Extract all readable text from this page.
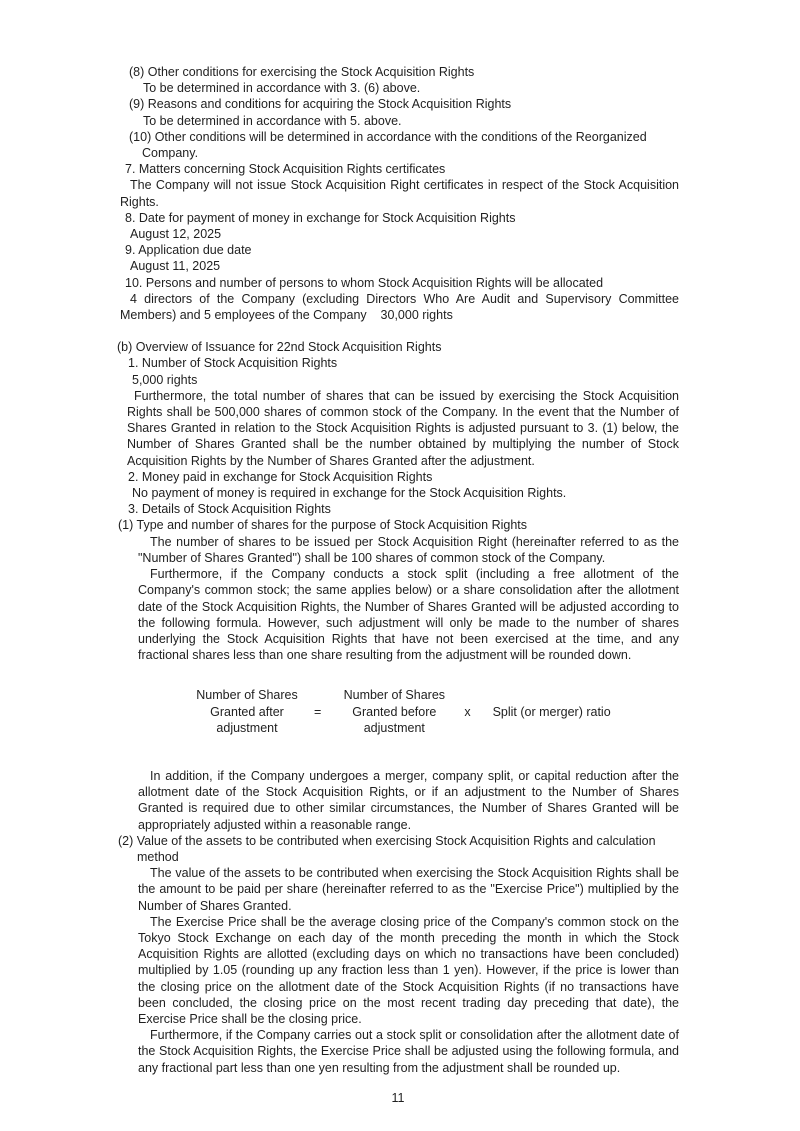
(8) Other conditions for exercising the Stock Acquisition Rights

To be determined in accordance with 3. (6) above.

(9) Reasons and conditions for acquiring the Stock Acquisition Rights

To be determined in accordance with 5. above.

(10) Other conditions will be determined in accordance with the conditions of the Reorganized Company.

7. Matters concerning Stock Acquisition Rights certificates

The Company will not issue Stock Acquisition Right certificates in respect of the Stock Acquisition Rights.

8. Date for payment of money in exchange for Stock Acquisition Rights

August 12, 2025

9. Application due date

August 11, 2025

10. Persons and number of persons to whom Stock Acquisition Rights will be allocated

4 directors of the Company (excluding Directors Who Are Audit and Supervisory Committee Members) and 5 employees of the Company    30,000 rights

(b) Overview of Issuance for 22nd Stock Acquisition Rights

1. Number of Stock Acquisition Rights

5,000 rights

Furthermore, the total number of shares that can be issued by exercising the Stock Acquisition Rights shall be 500,000 shares of common stock of the Company. In the event that the Number of Shares Granted in relation to the Stock Acquisition Rights is adjusted pursuant to 3. (1) below, the Number of Shares Granted shall be the number obtained by multiplying the number of Stock Acquisition Rights by the Number of Shares Granted after the adjustment.

2. Money paid in exchange for Stock Acquisition Rights

No payment of money is required in exchange for the Stock Acquisition Rights.

3. Details of Stock Acquisition Rights

(1) Type and number of shares for the purpose of Stock Acquisition Rights

The number of shares to be issued per Stock Acquisition Right (hereinafter referred to as the "Number of Shares Granted") shall be 100 shares of common stock of the Company.

Furthermore, if the Company conducts a stock split (including a free allotment of the Company's common stock; the same applies below) or a share consolidation after the allotment date of the Stock Acquisition Rights, the Number of Shares Granted will be adjusted according to the following formula. However, such adjustment will only be made to the number of shares underlying the Stock Acquisition Rights that have not been exercised at the time, and any fractional shares less than one share resulting from the adjustment will be rounded down.

Number of Shares
Granted after
adjustment
=
Number of Shares
Granted before
adjustment
x Split (or merger) ratio

In addition, if the Company undergoes a merger, company split, or capital reduction after the allotment date of the Stock Acquisition Rights, or if an adjustment to the Number of Shares Granted is required due to other similar circumstances, the Number of Shares Granted will be appropriately adjusted within a reasonable range.

(2) Value of the assets to be contributed when exercising Stock Acquisition Rights and calculation method

The value of the assets to be contributed when exercising the Stock Acquisition Rights shall be the amount to be paid per share (hereinafter referred to as the "Exercise Price") multiplied by the Number of Shares Granted.

The Exercise Price shall be the average closing price of the Company's common stock on the Tokyo Stock Exchange on each day of the month preceding the month in which the Stock Acquisition Rights are allotted (excluding days on which no transactions have been concluded) multiplied by 1.05 (rounding up any fraction less than 1 yen). However, if the price is lower than the closing price on the allotment date of the Stock Acquisition Rights (if no transactions have been concluded, the closing price on the most recent trading day preceding that date), the Exercise Price shall be the closing price.

Furthermore, if the Company carries out a stock split or consolidation after the allotment date of the Stock Acquisition Rights, the Exercise Price shall be adjusted using the following formula, and any fractional part less than one yen resulting from the adjustment shall be rounded up.

11
